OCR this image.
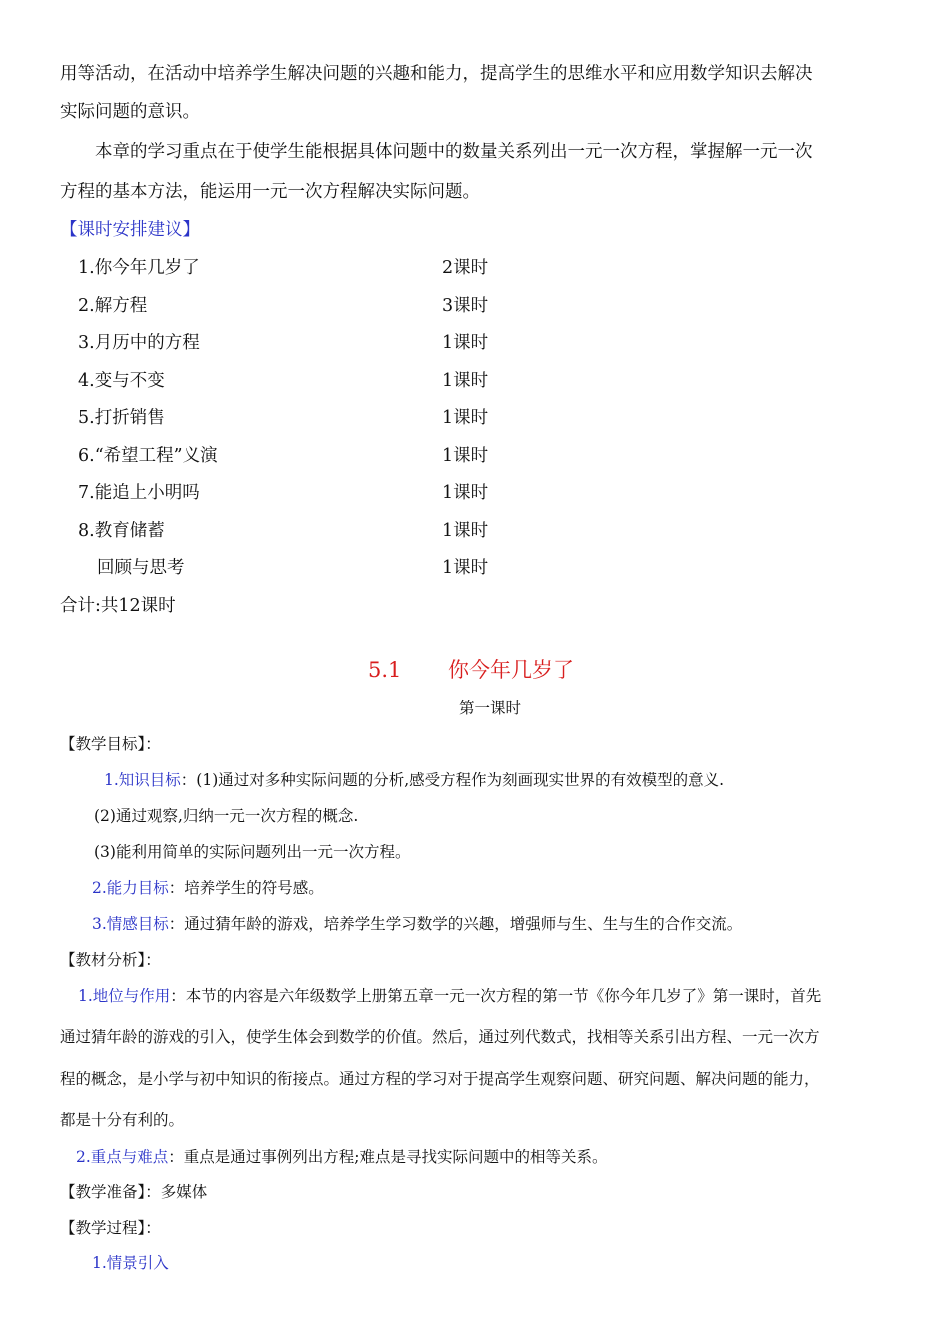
用等活动，在活动中培养学生解决问题的兴趣和能力，提高学生的思维水平和应用数学知识去解决
实际问题的意识。
本章的学习重点在于使学生能根据具体问题中的数量关系列出一元一次方程，掌握解一元一次
方程的基本方法，能运用一元一次方程解决实际问题。
【课时安排建议】
1.你今年几岁了	2课时
2.解方程	3课时
3.月历中的方程	1课时
4.变与不变	1课时
5.打折销售	1课时
6.“希望工程”义演	1课时
7.能追上小明吗	1课时
8.教育储蓄	1课时
回顾与思考	1课时
合计:共12课时
5.1 你今年几岁了
第一课时
【教学目标】：
1.知识目标：(1)通过对多种实际问题的分析,感受方程作为刻画现实世界的有效模型的意义.
(2)通过观察,归纳一元一次方程的概念.
(3)能利用简单的实际问题列出一元一次方程。
2.能力目标：培养学生的符号感。
3.情感目标：通过猜年龄的游戏，培养学生学习数学的兴趣，增强师与生、生与生的合作交流。
【教材分析】：
1.地位与作用：本节的内容是六年级数学上册第五章一元一次方程的第一节《你今年几岁了》第一课时，首先
通过猜年龄的游戏的引入，使学生体会到数学的价值。然后，通过列代数式，找相等关系引出方程、一元一次方
程的概念，是小学与初中知识的衔接点。通过方程的学习对于提高学生观察问题、研究问题、解决问题的能力，
都是十分有利的。
2.重点与难点：重点是通过事例列出方程;难点是寻找实际问题中的相等关系。
【教学准备】：多媒体
【教学过程】：
1.情景引入
